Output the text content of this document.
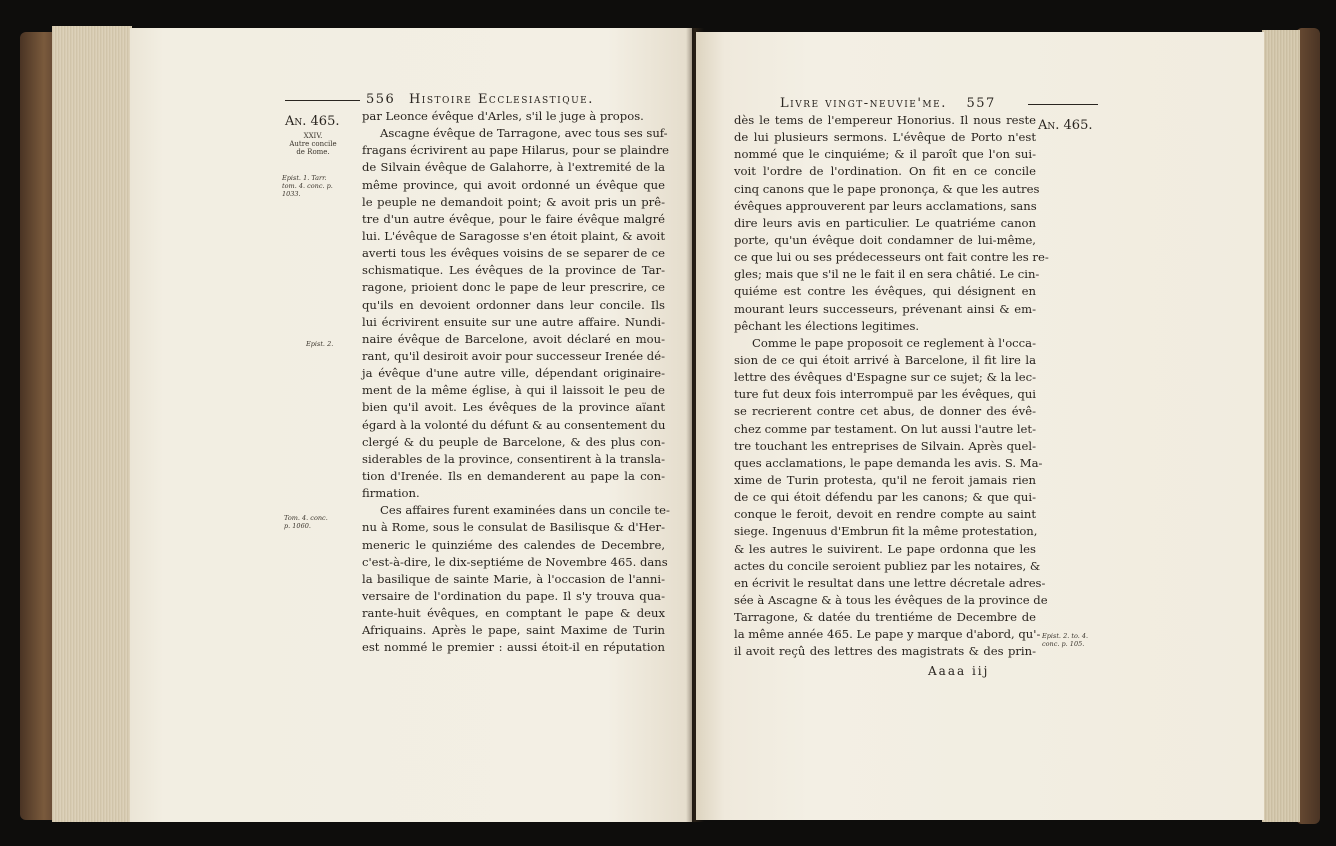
556 Histoire Ecclesiastique.
An. 465.
XXIV.
Autre concile
de Rome.
Epist. 1. Tarr.
tom. 4. conc. p.
1033.
Epist. 2.
Tom. 4. conc.
p. 1060.
par Leonce évêque d'Arles, s'il le juge à propos.
Ascagne évêque de Tarragone, avec tous ses suf-
fragans écrivirent au pape Hilarus, pour se plaindre
de Silvain évêque de Galahorre, à l'extremité de la
même province, qui avoit ordonné un évêque que
le peuple ne demandoit point; & avoit pris un prê-
tre d'un autre évêque, pour le faire évêque malgré
lui. L'évêque de Saragosse s'en étoit plaint, & avoit
averti tous les évêques voisins de se separer de ce
schismatique. Les évêques de la province de Tar-
ragone, prioient donc le pape de leur prescrire, ce
qu'ils en devoient ordonner dans leur concile. Ils
lui écrivirent ensuite sur une autre affaire. Nundi-
naire évêque de Barcelone, avoit déclaré en mou-
rant, qu'il desiroit avoir pour successeur Irenée dé-
ja évêque d'une autre ville, dépendant originaire-
ment de la même église, à qui il laissoit le peu de
bien qu'il avoit. Les évêques de la province aïant
égard à la volonté du défunt & au consentement du
clergé & du peuple de Barcelone, & des plus con-
siderables de la province, consentirent à la transla-
tion d'Irenée. Ils en demanderent au pape la con-
firmation.
Ces affaires furent examinées dans un concile te-
nu à Rome, sous le consulat de Basilisque & d'Her-
meneric le quinziéme des calendes de Decembre,
c'est-à-dire, le dix-septiéme de Novembre 465. dans
la basilique de sainte Marie, à l'occasion de l'anni-
versaire de l'ordination du pape. Il s'y trouva qua-
rante-huit évêques, en comptant le pape & deux
Afriquains. Après le pape, saint Maxime de Turin
est nommé le premier : aussi étoit-il en réputation
Livre vingt-neuvie'me. 557
An. 465.
Epist. 2. to. 4.
conc. p. 105.
dès le tems de l'empereur Honorius. Il nous reste
de lui plusieurs sermons. L'évêque de Porto n'est
nommé que le cinquiéme; & il paroît que l'on sui-
voit l'ordre de l'ordination. On fit en ce concile
cinq canons que le pape prononça, & que les autres
évêques approuverent par leurs acclamations, sans
dire leurs avis en particulier. Le quatriéme canon
porte, qu'un évêque doit condamner de lui-même,
ce que lui ou ses prédecesseurs ont fait contre les re-
gles; mais que s'il ne le fait il en sera châtié. Le cin-
quiéme est contre les évêques, qui désignent en
mourant leurs successeurs, prévenant ainsi & em-
pêchant les élections legitimes.
Comme le pape proposoit ce reglement à l'occa-
sion de ce qui étoit arrivé à Barcelone, il fit lire la
lettre des évêques d'Espagne sur ce sujet; & la lec-
ture fut deux fois interrompuë par les évêques, qui
se recrierent contre cet abus, de donner des évê-
chez comme par testament. On lut aussi l'autre let-
tre touchant les entreprises de Silvain. Après quel-
ques acclamations, le pape demanda les avis. S. Ma-
xime de Turin protesta, qu'il ne feroit jamais rien
de ce qui étoit défendu par les canons; & que qui-
conque le feroit, devoit en rendre compte au saint
siege. Ingenuus d'Embrun fit la même protestation,
& les autres le suivirent. Le pape ordonna que les
actes du concile seroient publiez par les notaires, &
en écrivit le resultat dans une lettre décretale adres-
sée à Ascagne & à tous les évêques de la province de
Tarragone, & datée du trentiéme de Decembre de
la même année 465. Le pape y marque d'abord, qu'-
il avoit reçû des lettres des magistrats & des prin-
Aaaa iij
